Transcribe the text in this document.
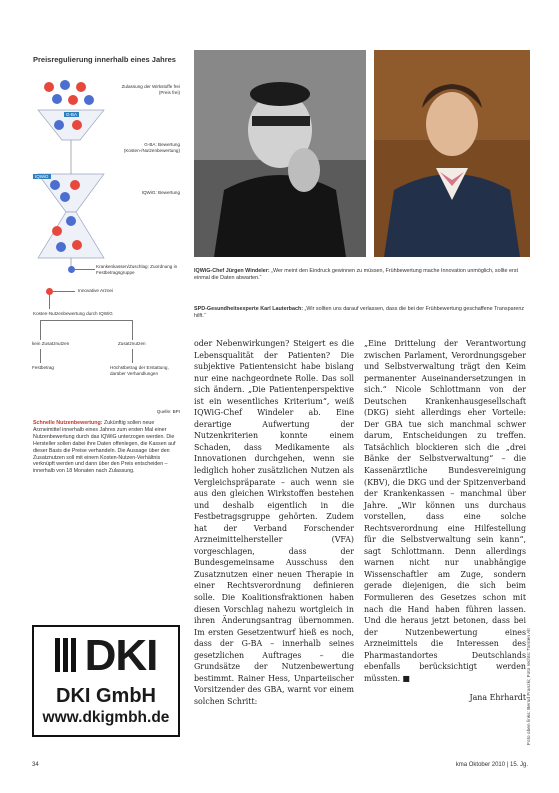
Preisregulierung innerhalb eines Jahres
G-BA
IQWiG
Zulassung der Wirkstoffe frei (Preis frei)
G-BA: Bewertung (Kosten-/Nutzenbewertung)
IQWiG: Bewertung
Krankenkassen/Zuschlag: Zuordnung in Festbetragsgruppe
Innovative Arznei
Kosten-Nutzenbewertung durch IQWiG
kein Zusatznutzen	Zusatznutzen
Festbetrag	Höchstbetrag der Erstattung, darüber Verhandlungen
Quelle: BPI
Schnelle Nutzenbewertung: Zukünftig sollen neue Arzneimittel innerhalb eines Jahres zum ersten Mal einer Nutzenbewertung durch das IQWiG unterzogen werden. Die Hersteller sollen dabei ihre Daten offenlegen, die Kassen auf dieser Basis die Preise verhandeln. Die Aussage über den Zusatznutzen soll mit einem Kosten-Nutzen-Verhältnis verknüpft werden und dann über den Preis entscheiden – innerhalb von 18 Monaten nach Zulassung.
IQWiG-Chef Jürgen Windeler: „Wer meint den Eindruck gewinnen zu müssen, Frühbewertung mache Innovation unmöglich, sollte erst einmal die Daten abwarten.“
SPD-Gesundheitsexperte Karl Lauterbach: „Wir sollten uns darauf verlassen, dass die bei der Frühbewertung geschaffene Transparenz hilft.“

oder Nebenwirkungen? Steigert es die Lebensqualität der Patienten? Die subjektive Patientensicht habe bislang nur eine nachgeordnete Rolle. Das soll sich ändern. „Die Patientenperspektive ist ein wesentliches Kriterium“, weiß IQWiG-Chef Windeler ab. Eine derartige Aufwertung der Nutzenkriterien konnte einem Schaden, dass Medikamente als Innovationen durchgehen, wenn sie lediglich hoher zusätzlichen Nutzen als Vergleichspräparate – auch wenn sie aus den gleichen Wirkstoffen bestehen und deshalb eigentlich in die Festbetragsgruppe gehörten. Zudem hat der Verband Forschender Arzneimittelhersteller (VFA) vorgeschlagen, dass der Bundesgemeinsame Ausschuss den Zusatznutzen einer neuen Therapie in einer Rechtsverordnung definieren solle. Die Koalitionsfraktionen haben diesen Vorschlag nahezu wortgleich in ihren Änderungsantrag übernommen. Im ersten Gesetzentwurf hieß es noch, dass der G-BA – innerhalb seines gesetzlichen Auftrages – die Grundsätze der Nutzenbewertung bestimmt. Rainer Hess, Unparteiischer Vorsitzender des GBA, warnt vor einem solchen Schritt:

„Eine Drittelung der Verantwortung zwischen Parlament, Verordnungsgeber und Selbstverwaltung trägt den Keim permanenter Auseinandersetzungen in sich.“ Nicole Schlottmann von der Deutschen Krankenhausgesellschaft (DKG) sieht allerdings eher Vorteile: Der GBA tue sich manchmal schwer darum, Entscheidungen zu treffen. Tatsächlich blockieren sich die „drei Bänke der Selbstverwaltung“ – die Kassenärztliche Bundesvereinigung (KBV), die DKG und der Spitzenverband der Krankenkassen – manchmal über Jahre. „Wir können uns durchaus vorstellen, dass eine solche Rechtsverordnung eine Hilfestellung für die Selbstverwaltung sein kann“, sagt Schlottmann. Denn allerdings warnen nicht nur unabhängige Wissenschaftler am Zuge, sondern gerade diejenigen, die sich beim Formulieren des Gesetzes schon mit nach die Hand haben führen lassen. Und die heraus jetzt betonen, dass bei der Nutzenbewertung eines Arzneimittels die Interessen des Pharmastandortes Deutschlands ebenfalls berücksichtigt werden müssten. ■

Jana Ehrhardt Foto oben links: Bernd Franzki; Foto rechts: Torsten Alt
DKI
DKI GmbH
www.dkigmbh.de
34	kma Oktober 2010 | 15. Jg.
